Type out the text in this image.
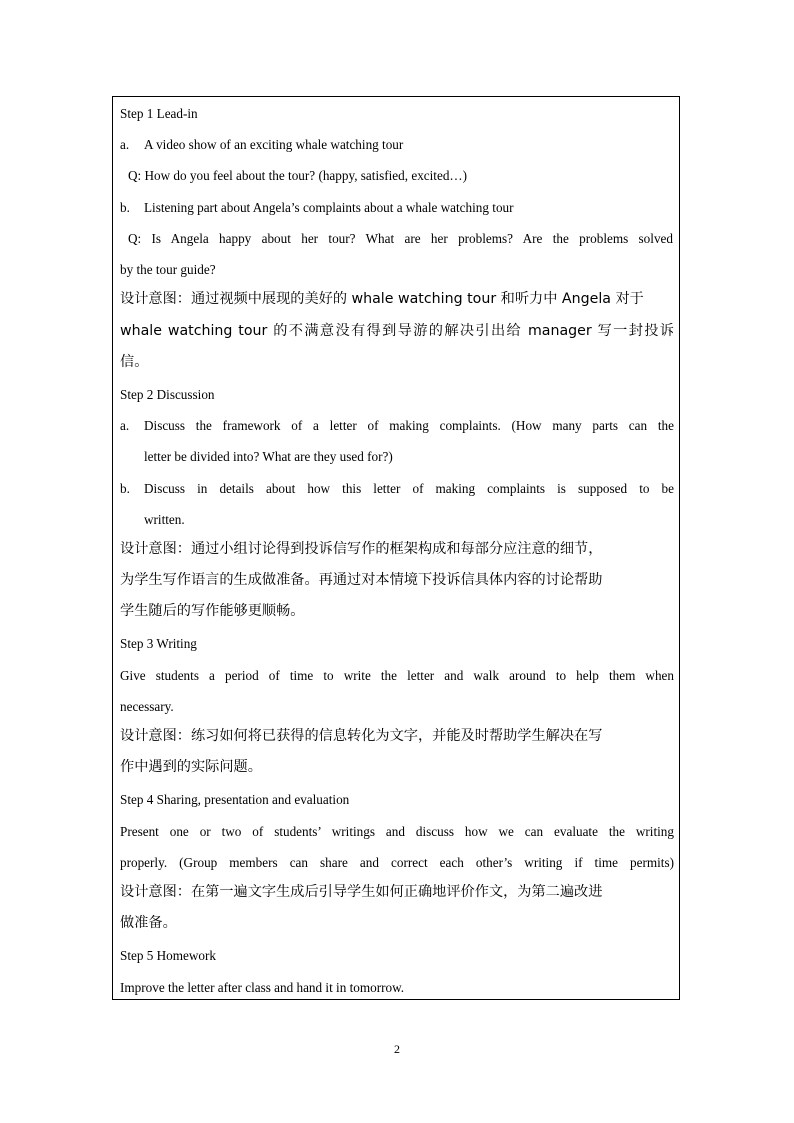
Step 1 Lead-in
a. A video show of an exciting whale watching tour
Q: How do you feel about the tour? (happy, satisfied, excited…)
b. Listening part about Angela’s complaints about a whale watching tour
Q: Is Angela happy about her tour? What are her problems? Are the problems solved
by the tour guide?
设计意图：通过视频中展现的美好的 whale watching tour 和听力中 Angela 对于
whale watching tour 的不满意没有得到导游的解决引出给 manager 写一封投诉
信。
Step 2 Discussion
a. Discuss the framework of a letter of making complaints. (How many parts can the
letter be divided into? What are they used for?)
b. Discuss in details about how this letter of making complaints is supposed to be
written.
设计意图：通过小组讨论得到投诉信写作的框架构成和每部分应注意的细节，
为学生写作语言的生成做准备。再通过对本情境下投诉信具体内容的讨论帮助
学生随后的写作能够更顺畅。
Step 3 Writing
Give students a period of time to write the letter and walk around to help them when
necessary.
设计意图：练习如何将已获得的信息转化为文字，并能及时帮助学生解决在写
作中遇到的实际问题。
Step 4 Sharing, presentation and evaluation
Present one or two of students’ writings and discuss how we can evaluate the writing
properly. (Group members can share and correct each other’s writing if time permits)
设计意图：在第一遍文字生成后引导学生如何正确地评价作文，为第二遍改进
做准备。
Step 5 Homework
Improve the letter after class and hand it in tomorrow.
2
